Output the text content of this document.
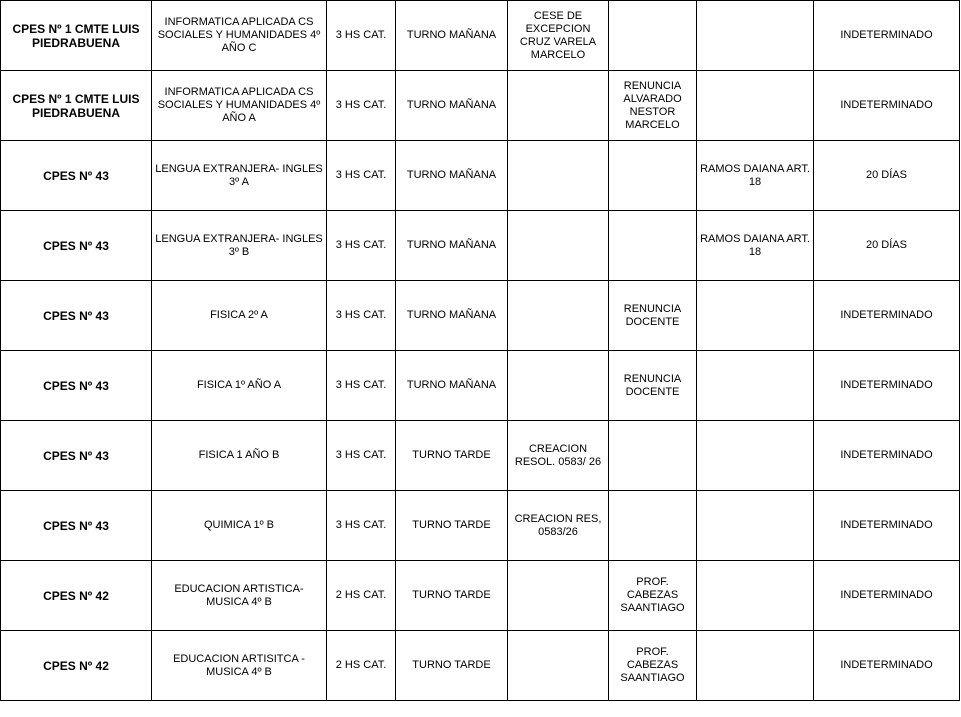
CPES Nº 1 CMTE LUIS PIEDRABUENA	INFORMATICA APLICADA CS SOCIALES Y HUMANIDADES 4º AÑO C	3 HS CAT.	TURNO MAÑANA	CESE DE EXCEPCION CRUZ VARELA MARCELO			INDETERMINADO
CPES Nº 1 CMTE LUIS PIEDRABUENA	INFORMATICA APLICADA CS SOCIALES Y HUMANIDADES 4º AÑO A	3 HS CAT.	TURNO MAÑANA		RENUNCIA ALVARADO NESTOR MARCELO		INDETERMINADO
CPES Nº 43	LENGUA EXTRANJERA- INGLES 3º A	3 HS CAT.	TURNO MAÑANA			RAMOS DAIANA ART. 18	20 DÍAS
CPES Nº 43	LENGUA EXTRANJERA- INGLES 3º B	3 HS CAT.	TURNO MAÑANA			RAMOS DAIANA ART. 18	20 DÍAS
CPES Nº 43	FISICA 2º A	3 HS CAT.	TURNO MAÑANA		RENUNCIA DOCENTE		INDETERMINADO
CPES Nº 43	FISICA 1º AÑO A	3 HS CAT.	TURNO MAÑANA		RENUNCIA DOCENTE		INDETERMINADO
CPES Nº 43	FISICA 1 AÑO B	3 HS CAT.	TURNO TARDE	CREACION RESOL. 0583/ 26			INDETERMINADO
CPES Nº 43	QUIMICA 1º B	3 HS CAT.	TURNO TARDE	CREACION RES, 0583/26			INDETERMINADO
CPES Nº 42	EDUCACION ARTISTICA- MUSICA 4º B	2 HS CAT.	TURNO TARDE		PROF. CABEZAS SAANTIAGO		INDETERMINADO
CPES Nº 42	EDUCACION ARTISITCA - MUSICA 4º B	2 HS CAT.	TURNO TARDE		PROF. CABEZAS SAANTIAGO		INDETERMINADO
